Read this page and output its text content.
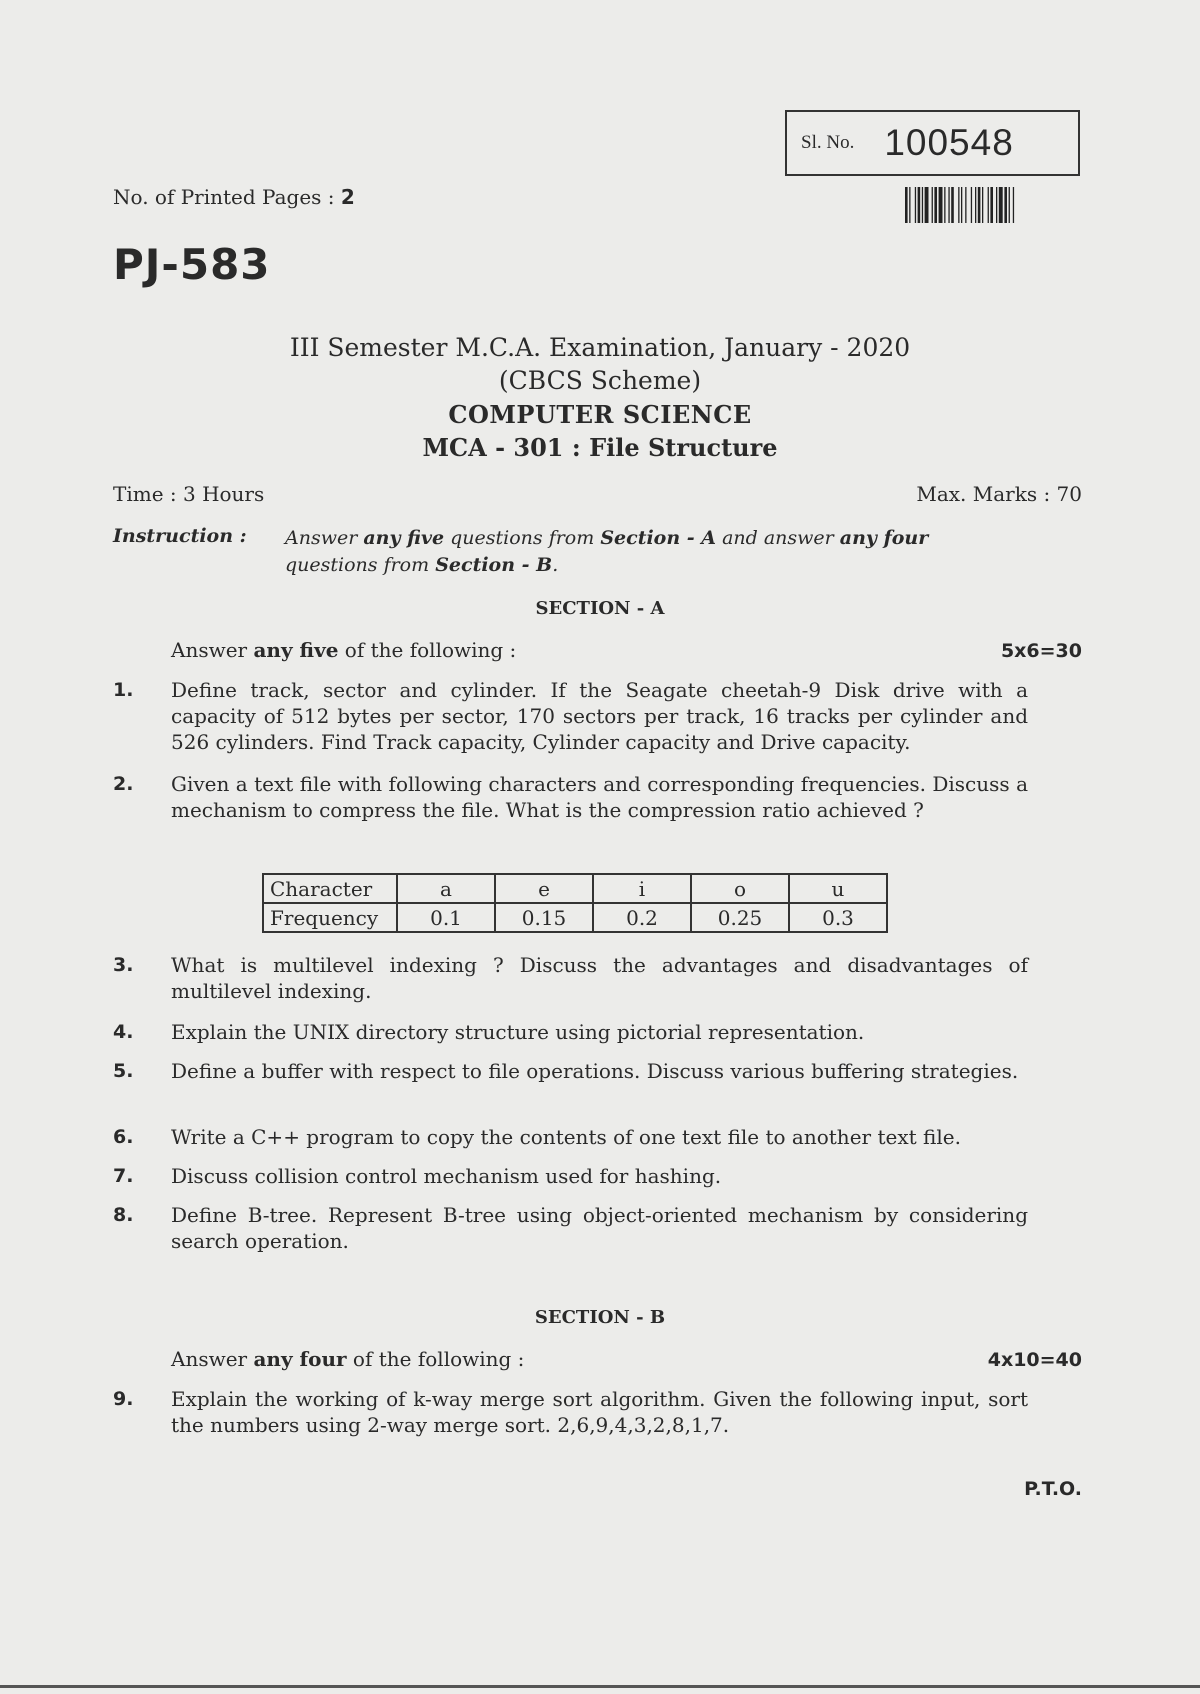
Sl. No. 100548
No. of Printed Pages : 2
PJ-583
III Semester M.C.A. Examination, January - 2020
(CBCS Scheme)
COMPUTER SCIENCE
MCA - 301 : File Structure
Time : 3 Hours	Max. Marks : 70
Instruction : Answer any five questions from Section - A and answer any four
questions from Section - B.
SECTION - A
Answer any five of the following :	5x6=30
1. Define track, sector and cylinder. If the Seagate cheetah-9 Disk drive with a capacity of 512 bytes per sector, 170 sectors per track, 16 tracks per cylinder and 526 cylinders. Find Track capacity, Cylinder capacity and Drive capacity.
2. Given a text file with following characters and corresponding frequencies. Discuss a mechanism to compress the file. What is the compression ratio achieved ?
Character	a	e	i	o	u
Frequency	0.1	0.15	0.2	0.25	0.3
3. What is multilevel indexing ? Discuss the advantages and disadvantages of multilevel indexing.
4. Explain the UNIX directory structure using pictorial representation.
5. Define a buffer with respect to file operations. Discuss various buffering strategies.
6. Write a C++ program to copy the contents of one text file to another text file.
7. Discuss collision control mechanism used for hashing.
8. Define B-tree. Represent B-tree using object-oriented mechanism by considering search operation.
SECTION - B
Answer any four of the following :	4x10=40
9. Explain the working of k-way merge sort algorithm. Given the following input, sort the numbers using 2-way merge sort. 2,6,9,4,3,2,8,1,7.
P.T.O.
